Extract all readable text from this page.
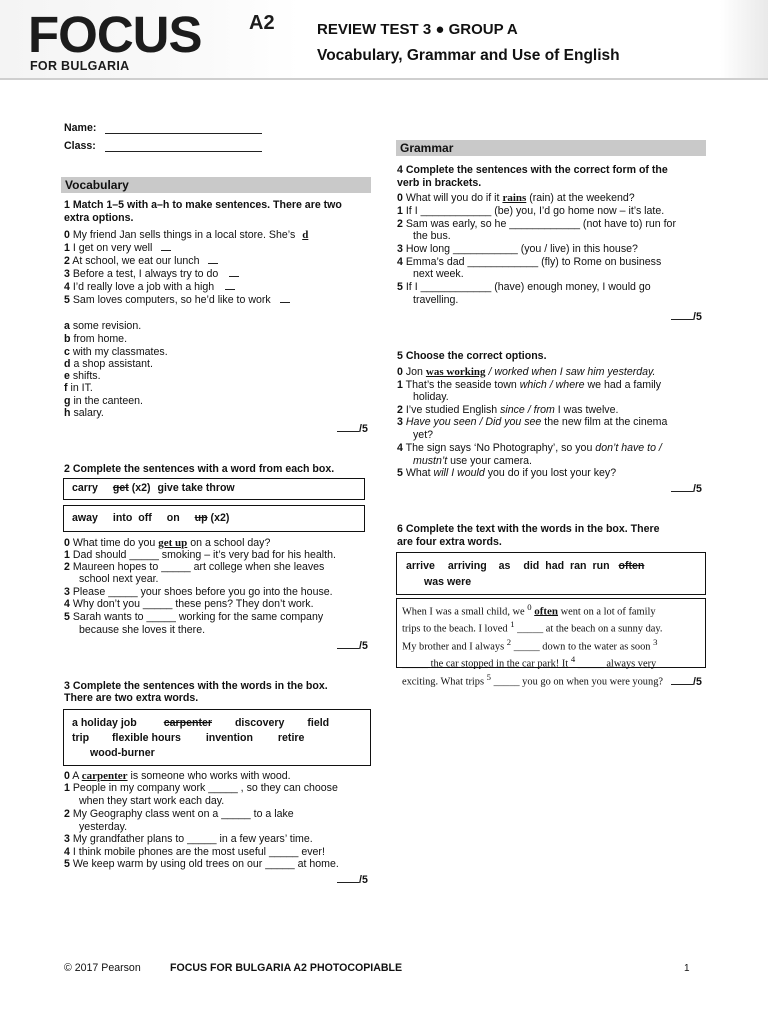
FOCUS A2
FOR BULGARIA
REVIEW TEST 3 ● GROUP A
Vocabulary, Grammar and Use of English
Name:
Class:
Vocabulary
1 Match 1–5 with a–h to make sentences. There are two
extra options.
0 My friend Jan sells things in a local store. She’s d
1 I get on very well
2 At school, we eat our lunch
3 Before a test, I always try to do
4 I’d really love a job with a high
5 Sam loves computers, so he’d like to work
a some revision.
b from home.
c with my classmates.
d a shop assistant.
e shifts.
f in IT.
g in the canteen.
h salary.
/5
2 Complete the sentences with a word from each box.
carry get (x2) give take throw
away into off on up (x2)
0 What time do you get up on a school day?
1 Dad should _____ smoking – it’s very bad for his health.
2 Maureen hopes to _____ art college when she leaves
school next year.
3 Please _____ your shoes before you go into the house.
4 Why don’t you _____ these pens? They don’t work.
5 Sarah wants to _____ working for the same company
because she loves it there.
/5
3 Complete the sentences with the words in the box.
There are two extra words.
a holiday job	carpenter discovery field
trip flexible hours invention retire
wood-burner
0 A carpenter is someone who works with wood.
1 People in my company work _____ , so they can choose
when they start work each day.
2 My Geography class went on a _____ to a lake
yesterday.
3 My grandfather plans to _____ in a few years’ time.
4 I think mobile phones are the most useful _____ ever!
5 We keep warm by using old trees on our _____ at home.
/5
Grammar
4 Complete the sentences with the correct form of the
verb in brackets.
0 What will you do if it rains (rain) at the weekend?
1 If I ____________ (be) you, I’d go home now – it’s late.
2 Sam was early, so he ____________ (not have to) run for
the bus.
3 How long ___________ (you / live) in this house?
4 Emma’s dad ____________ (fly) to Rome on business
next week.
5 If I ____________ (have) enough money, I would go
travelling.
/5
5 Choose the correct options.
0 Jon was working / worked when I saw him yesterday.
1 That’s the seaside town which / where we had a family
holiday.
2 I’ve studied English since / from I was twelve.
3 Have you seen / Did you see the new film at the cinema
yet?
4 The sign says ‘No Photography’, so you don’t have to /
mustn’t use your camera.
5 What will I would you do if you lost your key?
/5
6 Complete the text with the words in the box. There
are four extra words.
arrive arriving as did had ran run often
was were
When I was a small child, we $^0$ often went on a lot of family
trips to the beach. I loved $^1$ _____ at the beach on a sunny day.
My brother and I always $^2$ _____ down to the water as soon $^3$
_____ the car stopped in the car park! It $^4$ _____ always very
exciting. What trips $^5$ _____ you go on when you were young?	/5
© 2017 Pearson	FOCUS FOR BULGARIA A2 PHOTOCOPIABLE	1
